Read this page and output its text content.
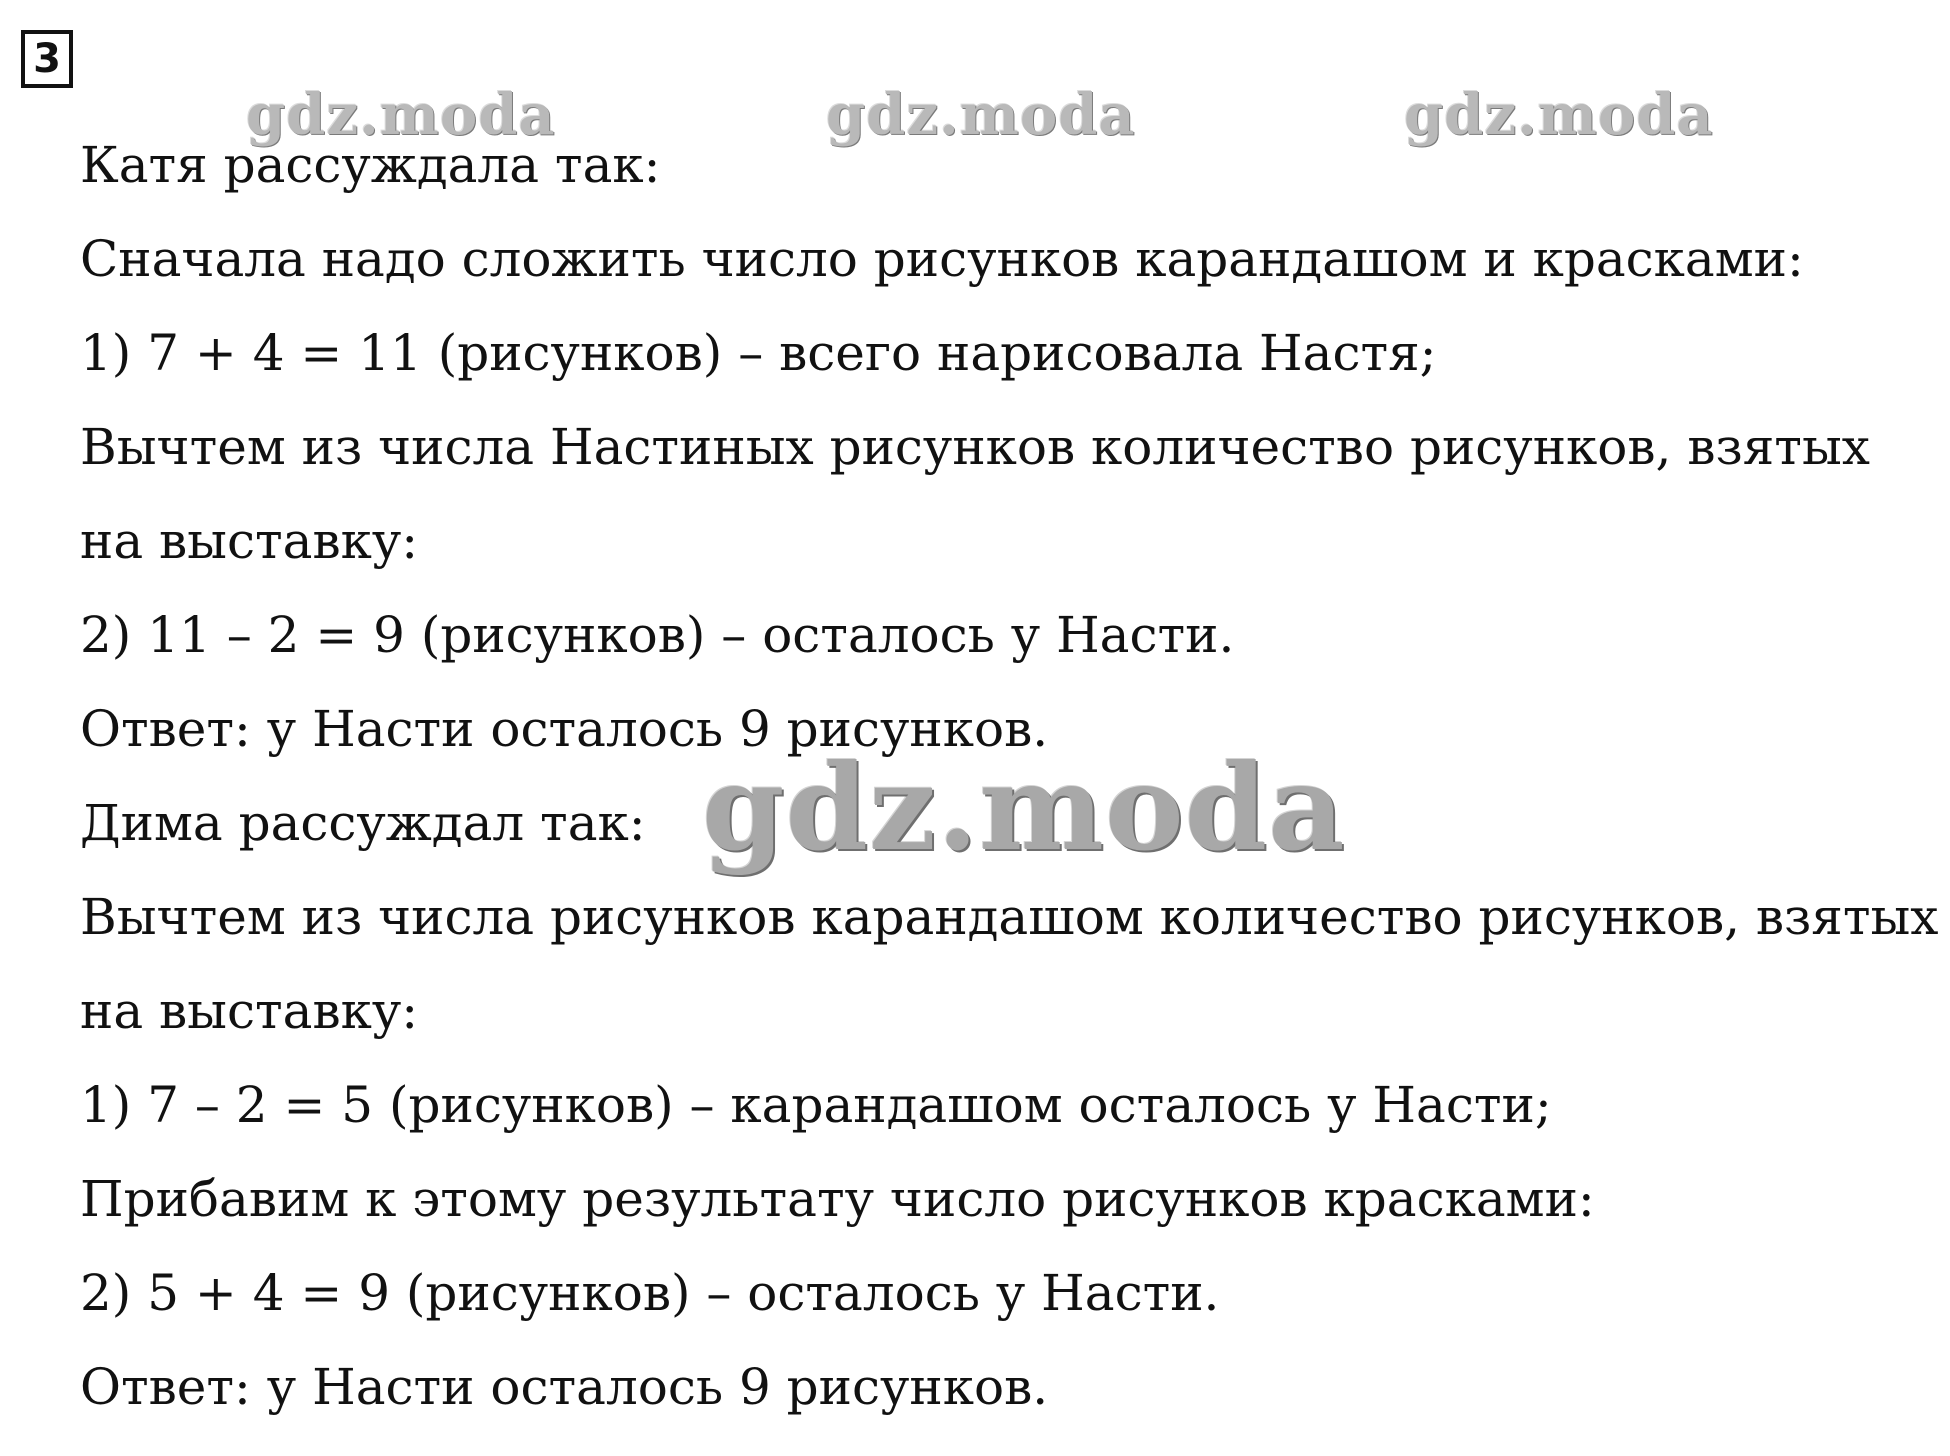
3
gdz.moda	gdz.moda	gdz.moda
Катя рассуждала так:
Сначала надо сложить число рисунков карандашом и красками:
1) 7 + 4 = 11 (рисунков) – всего нарисовала Настя;
Вычтем из числа Настиных рисунков количество рисунков, взятых
на выставку:
2) 11 – 2 = 9 (рисунков) – осталось у Насти.
Ответ: у Насти осталось 9 рисунков.
Дима рассуждал так:
Вычтем из числа рисунков карандашом количество рисунков, взятых
на выставку:
1) 7 – 2 = 5 (рисунков) – карандашом осталось у Насти;
Прибавим к этому результату число рисунков красками:
2) 5 + 4 = 9 (рисунков) – осталось у Насти.
Ответ: у Насти осталось 9 рисунков.
gdz.moda
